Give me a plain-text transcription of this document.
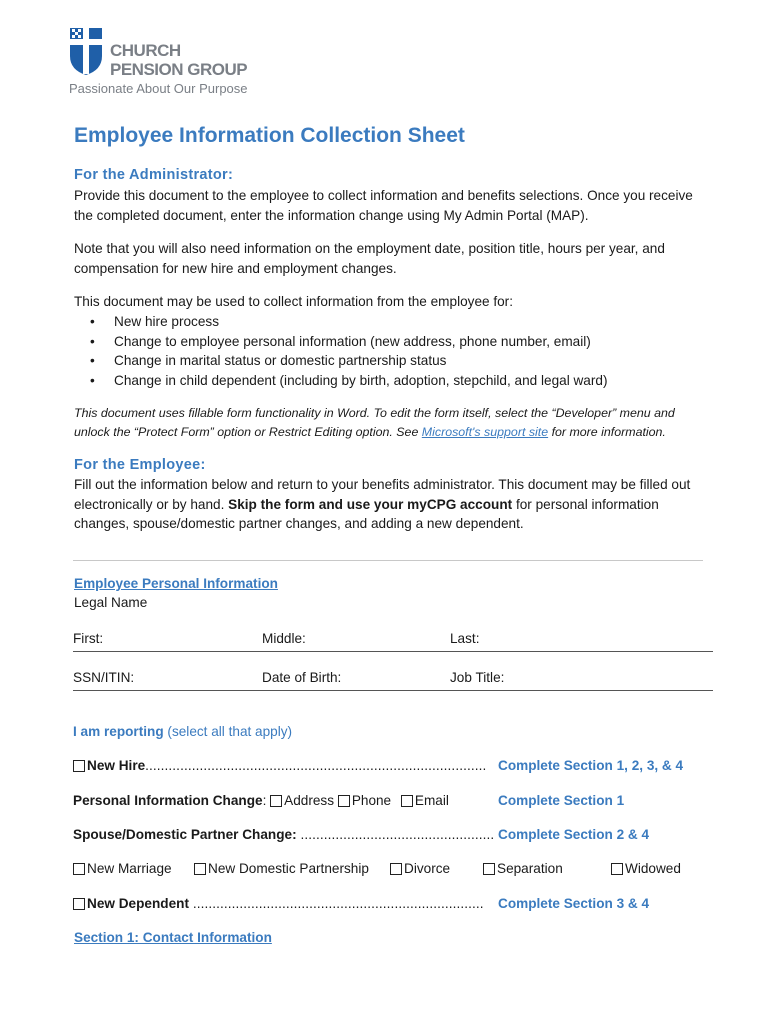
CHURCH
PENSION GROUP
Passionate About Our Purpose
Employee Information Collection Sheet
For the Administrator:
Provide this document to the employee to collect information and benefits selections. Once you receive the completed document, enter the information change using My Admin Portal (MAP).
Note that you will also need information on the employment date, position title, hours per year, and compensation for new hire and employment changes.
This document may be used to collect information from the employee for:
• New hire process
• Change to employee personal information (new address, phone number, email)
• Change in marital status or domestic partnership status
• Change in child dependent (including by birth, adoption, stepchild, and legal ward)
This document uses fillable form functionality in Word. To edit the form itself, select the “Developer” menu and unlock the “Protect Form” option or Restrict Editing option. See Microsoft's support site for more information.
For the Employee:
Fill out the information below and return to your benefits administrator. This document may be filled out electronically or by hand. Skip the form and use your myCPG account for personal information changes, spouse/domestic partner changes, and adding a new dependent.
Employee Personal Information
Legal Name
First:	Middle:	Last:
SSN/ITIN:	Date of Birth:	Job Title:
I am reporting (select all that apply)
New Hire........................................................................................ Complete Section 1, 2, 3, & 4
Personal Information Change: Address Phone Email	Complete Section 1
Spouse/Domestic Partner Change: .................................................. Complete Section 2 & 4
New Marriage	New Domestic Partnership	Divorce	Separation	Widowed
New Dependent ........................................................................... Complete Section 3 & 4
Section 1: Contact Information
